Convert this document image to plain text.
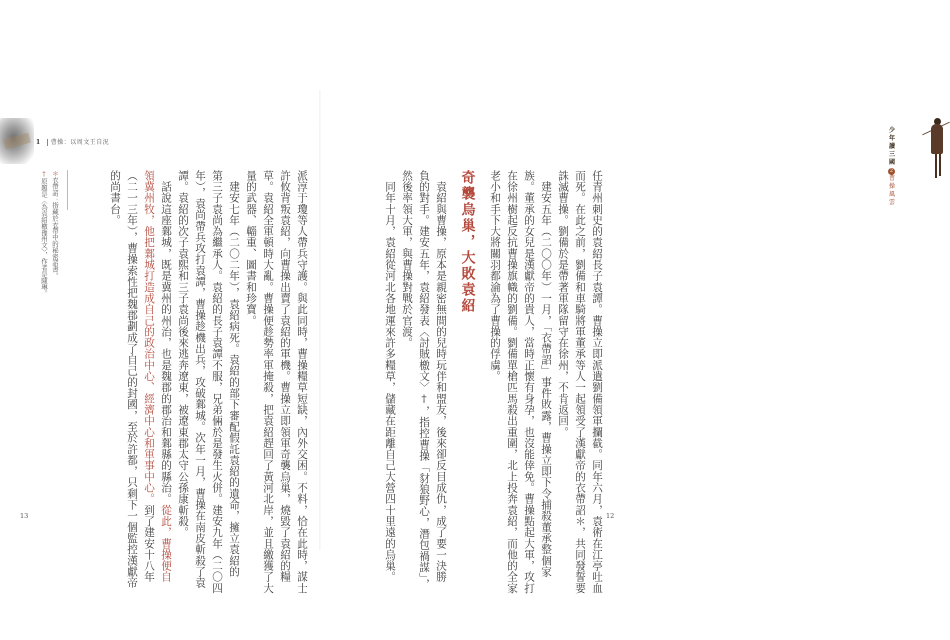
1 曹操：以周文王自況
＊衣帶詔：指藏於衣帶中的秘密詔書。
†原題是〈為袁紹檄豫州文〉，作者是陳琳。	派淳于瓊等人帶兵守護。與此同時，曹操糧草短缺，內外交困。不料，恰在此時，謀士
許攸背叛袁紹，向曹操出賣了袁紹的軍機。曹操立即領軍奇襲烏巢，燒毀了袁紹的糧
草。袁紹全軍頓時大亂。曹操便趁勢率軍掩殺，把袁紹趕回了黃河北岸，並且繳獲了大
量的武器、輜重、圖書和珍寶。
　建安七年（二〇二年），袁紹病死。袁紹的部下審配假託袁紹的遺命，擁立袁紹的
第三子袁尚為繼承人。袁紹的長子袁譚不服，兄弟倆於是發生火併。建安九年（二〇四
年），袁尚帶兵攻打袁譚，曹操趁機出兵，攻破鄴城。次年一月，曹操在南皮斬殺了袁
譚。袁紹的次子袁熙和三子袁尚後來逃奔遼東，被遼東郡太守公孫康斬殺。
　話說這座鄴城，既是冀州的州治，也是魏郡的郡治和鄴縣的縣治。從此，曹操便自
領冀州牧，他把鄴城打造成自己的政治中心、經濟中心和軍事中心。到了建安十八年
（二一三年），曹操索性把魏郡劃成了自己的封國，至於許都，只剩下一個監控漢獻帝
的尚書台。
13
少年讀三國 2
曹操風雲
任青州刺史的袁紹長子袁譚。曹操立即派遣劉備領軍攔截。同年六月，袁術在江亭吐血
而死。在此之前，劉備和車騎將軍董承等人一起領受了漢獻帝的衣帶詔＊，共同發誓要
誅滅曹操。劉備於是帶著軍隊留守在徐州，不肯返回。
　建安五年（二〇〇年）一月，「衣帶詔」事件敗露，曹操立即下令捕殺董承整個家
族。董承的女兒是漢獻帝的貴人，當時正懷有身孕，也沒能倖免。曹操點起大軍，攻打
在徐州樹起反抗曹操旗幟的劉備。劉備單槍匹馬殺出重圍，北上投奔袁紹，而他的全家
老小和手下大將關羽都淪為了曹操的俘虜。
奇襲烏巢，大敗袁紹
　袁紹與曹操，原本是親密無間的兒時玩伴和盟友，後來卻反目成仇，成了要一決勝
負的對手。建安五年，袁紹發表〈討賊檄文〉†，指控曹操「豺狼野心，潛包禍謀」，
然後率領大軍，與曹操對戰於官渡。
　同年十月，袁紹從河北各地運來許多糧草，儲藏在距離自己大營四十里遠的烏巢。	12
